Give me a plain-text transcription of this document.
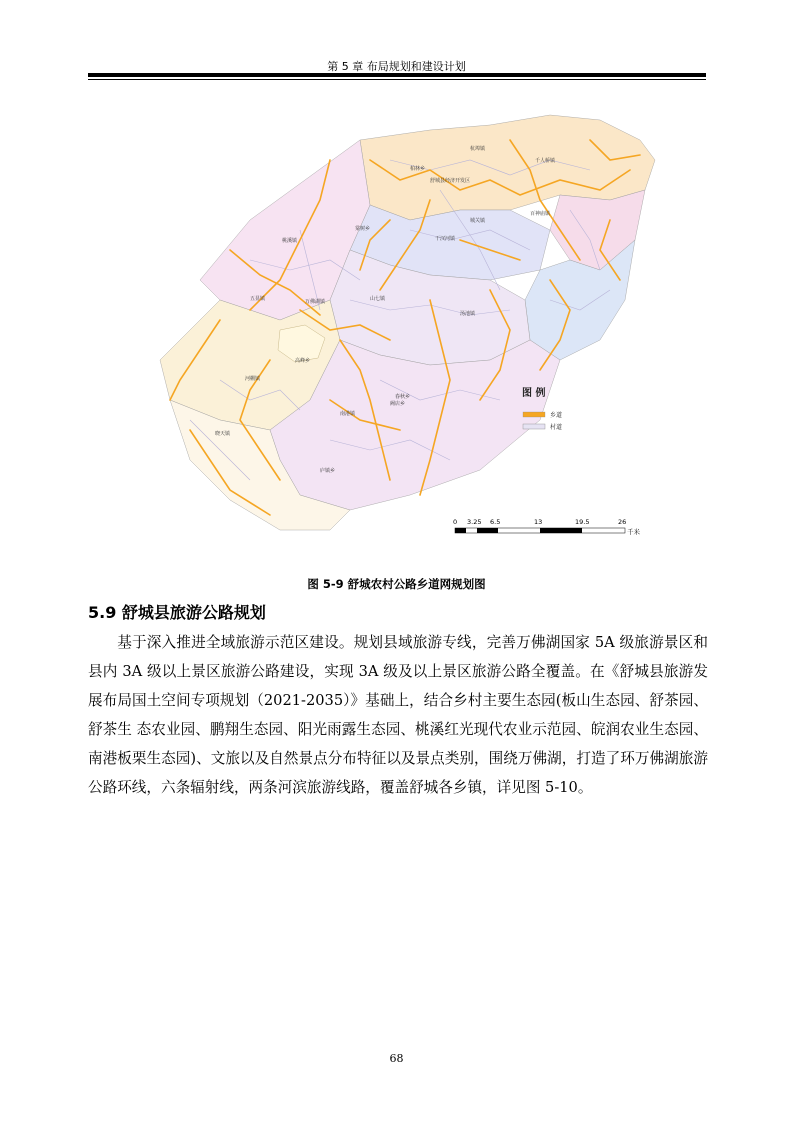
第 5 章 布局规划和建设计划
杭埠镇
舒城县经济开发区
千人桥镇
柏林乡
城关镇
棠树乡
百神庙镇
桃溪镇	干汊河镇
万佛湖镇
五显镇	山七镇
汤池镇
高峰乡
春秋乡
阙店乡
晓天镇
河棚镇
南港镇
庐镇乡
图 例
乡道
村道
0 3.25 6.5	13	19.5	26
千米
图 5-9 舒城农村公路乡道网规划图
5.9 舒城县旅游公路规划
基于深入推进全域旅游示范区建设。规划县域旅游专线，完善万佛湖国家 5A 级旅游景区和县内 3A 级以上景区旅游公路建设，实现 3A 级及以上景区旅游公路全覆盖。在《舒城县旅游发展布局国土空间专项规划（2021-2035）》基础上，结合乡村主要生态园(板山生态园、舒茶园、舒茶生 态农业园、鹏翔生态园、阳光雨露生态园、桃溪红光现代农业示范园、皖润农业生态园、南港板栗生态园)、文旅以及自然景点分布特征以及景点类别，围绕万佛湖，打造了环万佛湖旅游公路环线，六条辐射线，两条河滨旅游线路，覆盖舒城各乡镇，详见图 5-10。
68
